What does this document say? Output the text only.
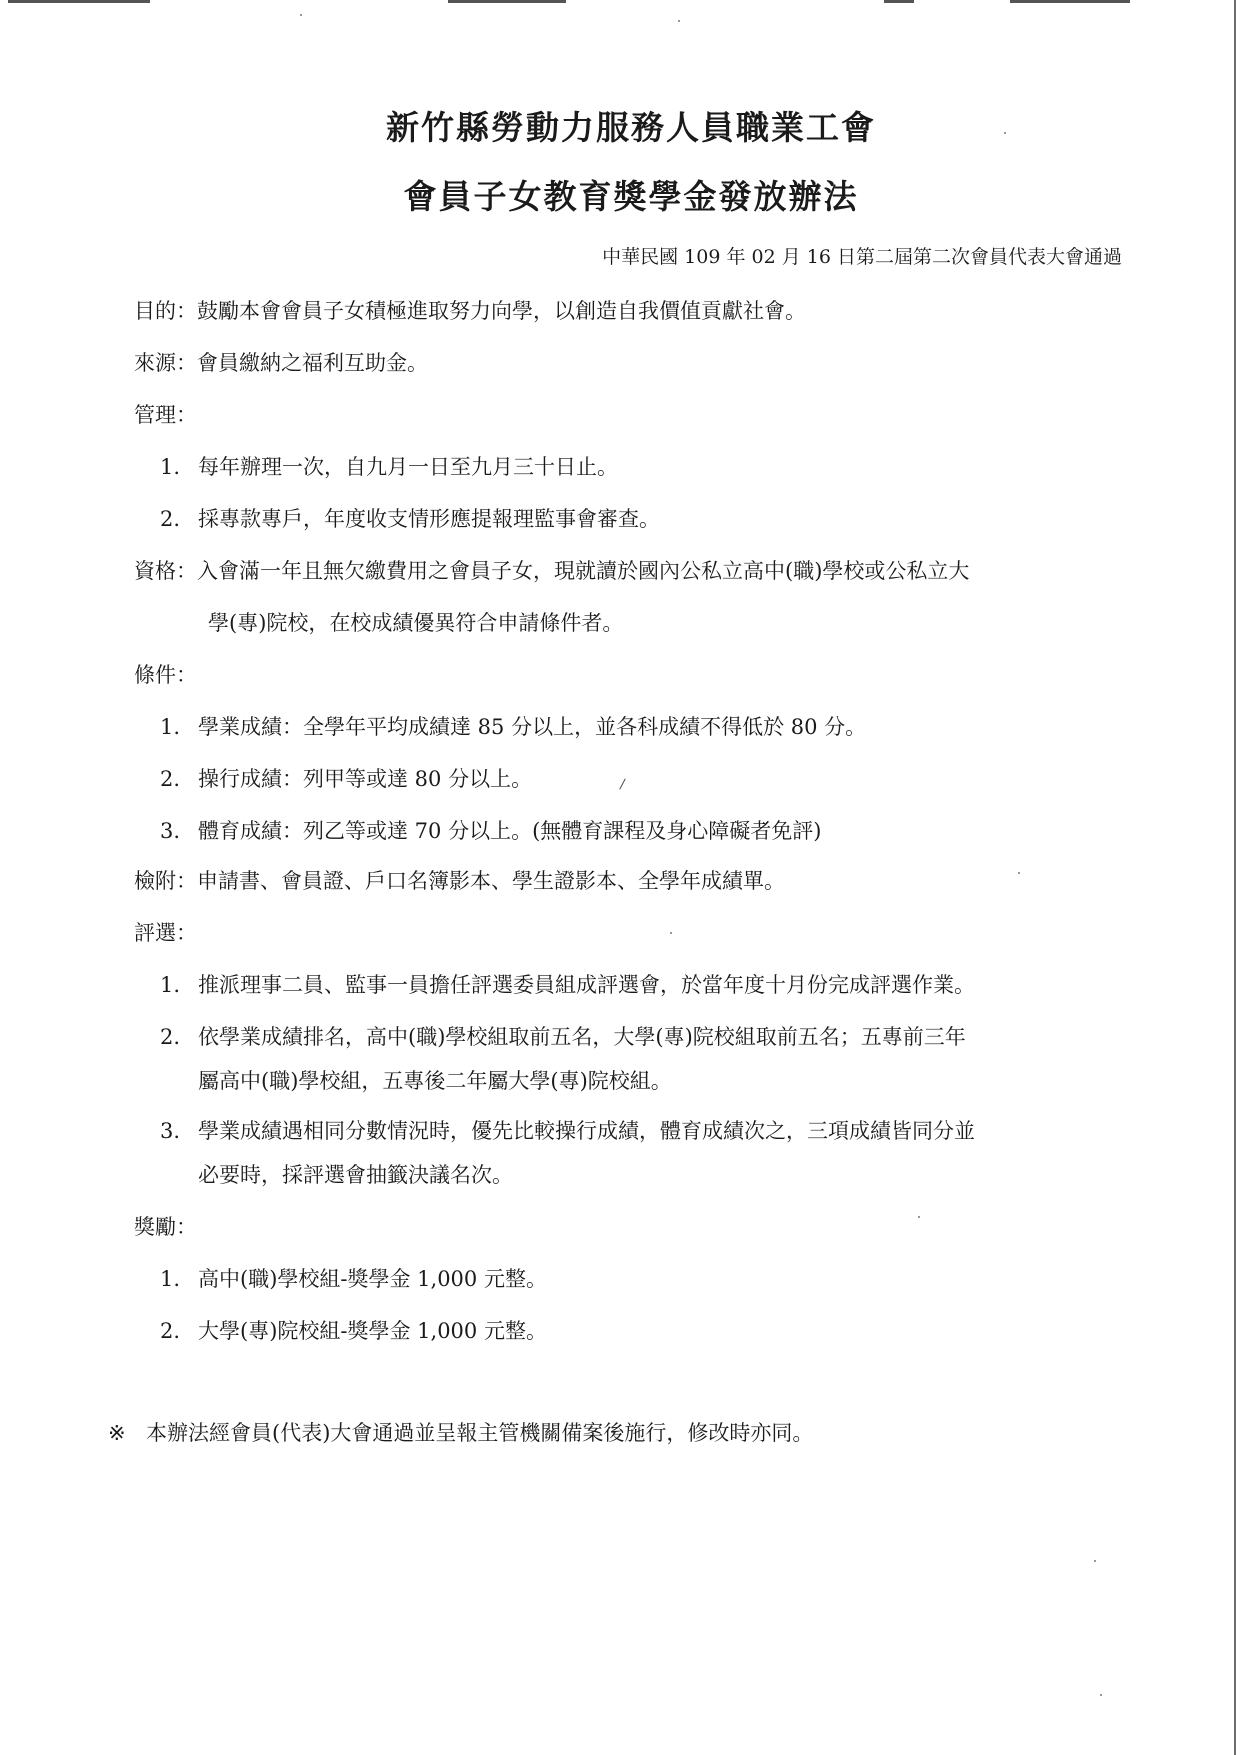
新竹縣勞動力服務人員職業工會
會員子女教育獎學金發放辦法
中華民國 109 年 02 月 16 日第二屆第二次會員代表大會通過
目的：鼓勵本會會員子女積極進取努力向學，以創造自我價值貢獻社會。
來源：會員繳納之福利互助金。
管理：
1. 每年辦理一次，自九月一日至九月三十日止。
2. 採專款專戶，年度收支情形應提報理監事會審查。
資格：入會滿一年且無欠繳費用之會員子女，現就讀於國內公私立高中(職)學校或公私立大
學(專)院校，在校成績優異符合申請條件者。
條件：
1. 學業成績：全學年平均成績達 85 分以上，並各科成績不得低於 80 分。
2. 操行成績：列甲等或達 80 分以上。
3. 體育成績：列乙等或達 70 分以上。(無體育課程及身心障礙者免評)
檢附：申請書、會員證、戶口名簿影本、學生證影本、全學年成績單。
評選：
1. 推派理事二員、監事一員擔任評選委員組成評選會，於當年度十月份完成評選作業。
2. 依學業成績排名，高中(職)學校組取前五名，大學(專)院校組取前五名；五專前三年
屬高中(職)學校組，五專後二年屬大學(專)院校組。
3. 學業成績遇相同分數情況時，優先比較操行成績，體育成績次之，三項成績皆同分並
必要時，採評選會抽籤決議名次。
獎勵：
1. 高中(職)學校組-獎學金 1,000 元整。
2. 大學(專)院校組-獎學金 1,000 元整。
※ 本辦法經會員(代表)大會通過並呈報主管機關備案後施行，修改時亦同。
